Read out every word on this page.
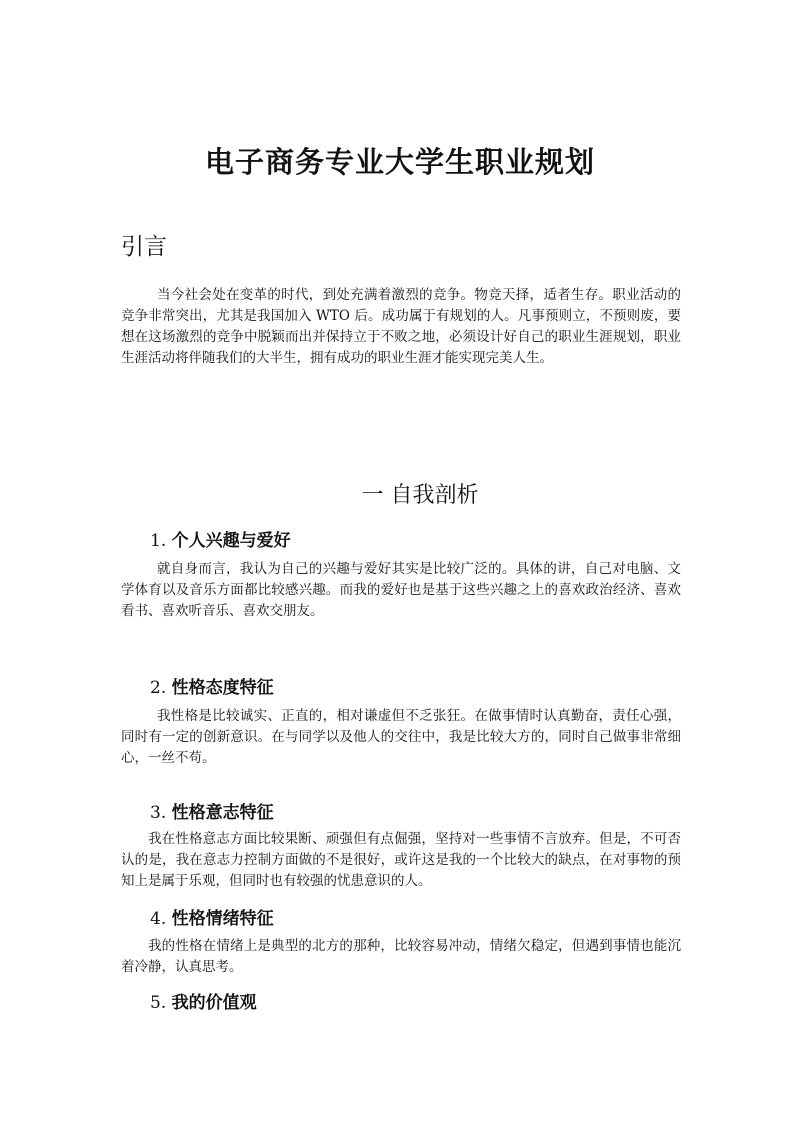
电子商务专业大学生职业规划
引言

当今社会处在变革的时代，到处充满着激烈的竞争。物竞天择，适者生存。职业活动的竞争非常突出，尤其是我国加入 WTO 后。成功属于有规划的人。凡事预则立，不预则废，要想在这场激烈的竞争中脱颖而出并保持立于不败之地，必须设计好自己的职业生涯规划，职业生涯活动将伴随我们的大半生，拥有成功的职业生涯才能实现完美人生。

一 自我剖析
1. 个人兴趣与爱好

就自身而言，我认为自己的兴趣与爱好其实是比较广泛的。具体的讲，自己对电脑、文学体育以及音乐方面都比较感兴趣。而我的爱好也是基于这些兴趣之上的喜欢政治经济、喜欢看书、喜欢听音乐、喜欢交朋友。

2. 性格态度特征

我性格是比较诚实、正直的，相对谦虚但不乏张狂。在做事情时认真勤奋，责任心强，同时有一定的创新意识。在与同学以及他人的交往中，我是比较大方的，同时自己做事非常细心，一丝不苟。

3. 性格意志特征

我在性格意志方面比较果断、顽强但有点倔强，坚持对一些事情不言放弃。但是，不可否认的是，我在意志力控制方面做的不是很好，或许这是我的一个比较大的缺点，在对事物的预知上是属于乐观，但同时也有较强的忧患意识的人。

4. 性格情绪特征

我的性格在情绪上是典型的北方的那种，比较容易冲动，情绪欠稳定，但遇到事情也能沉着冷静，认真思考。

5. 我的价值观
